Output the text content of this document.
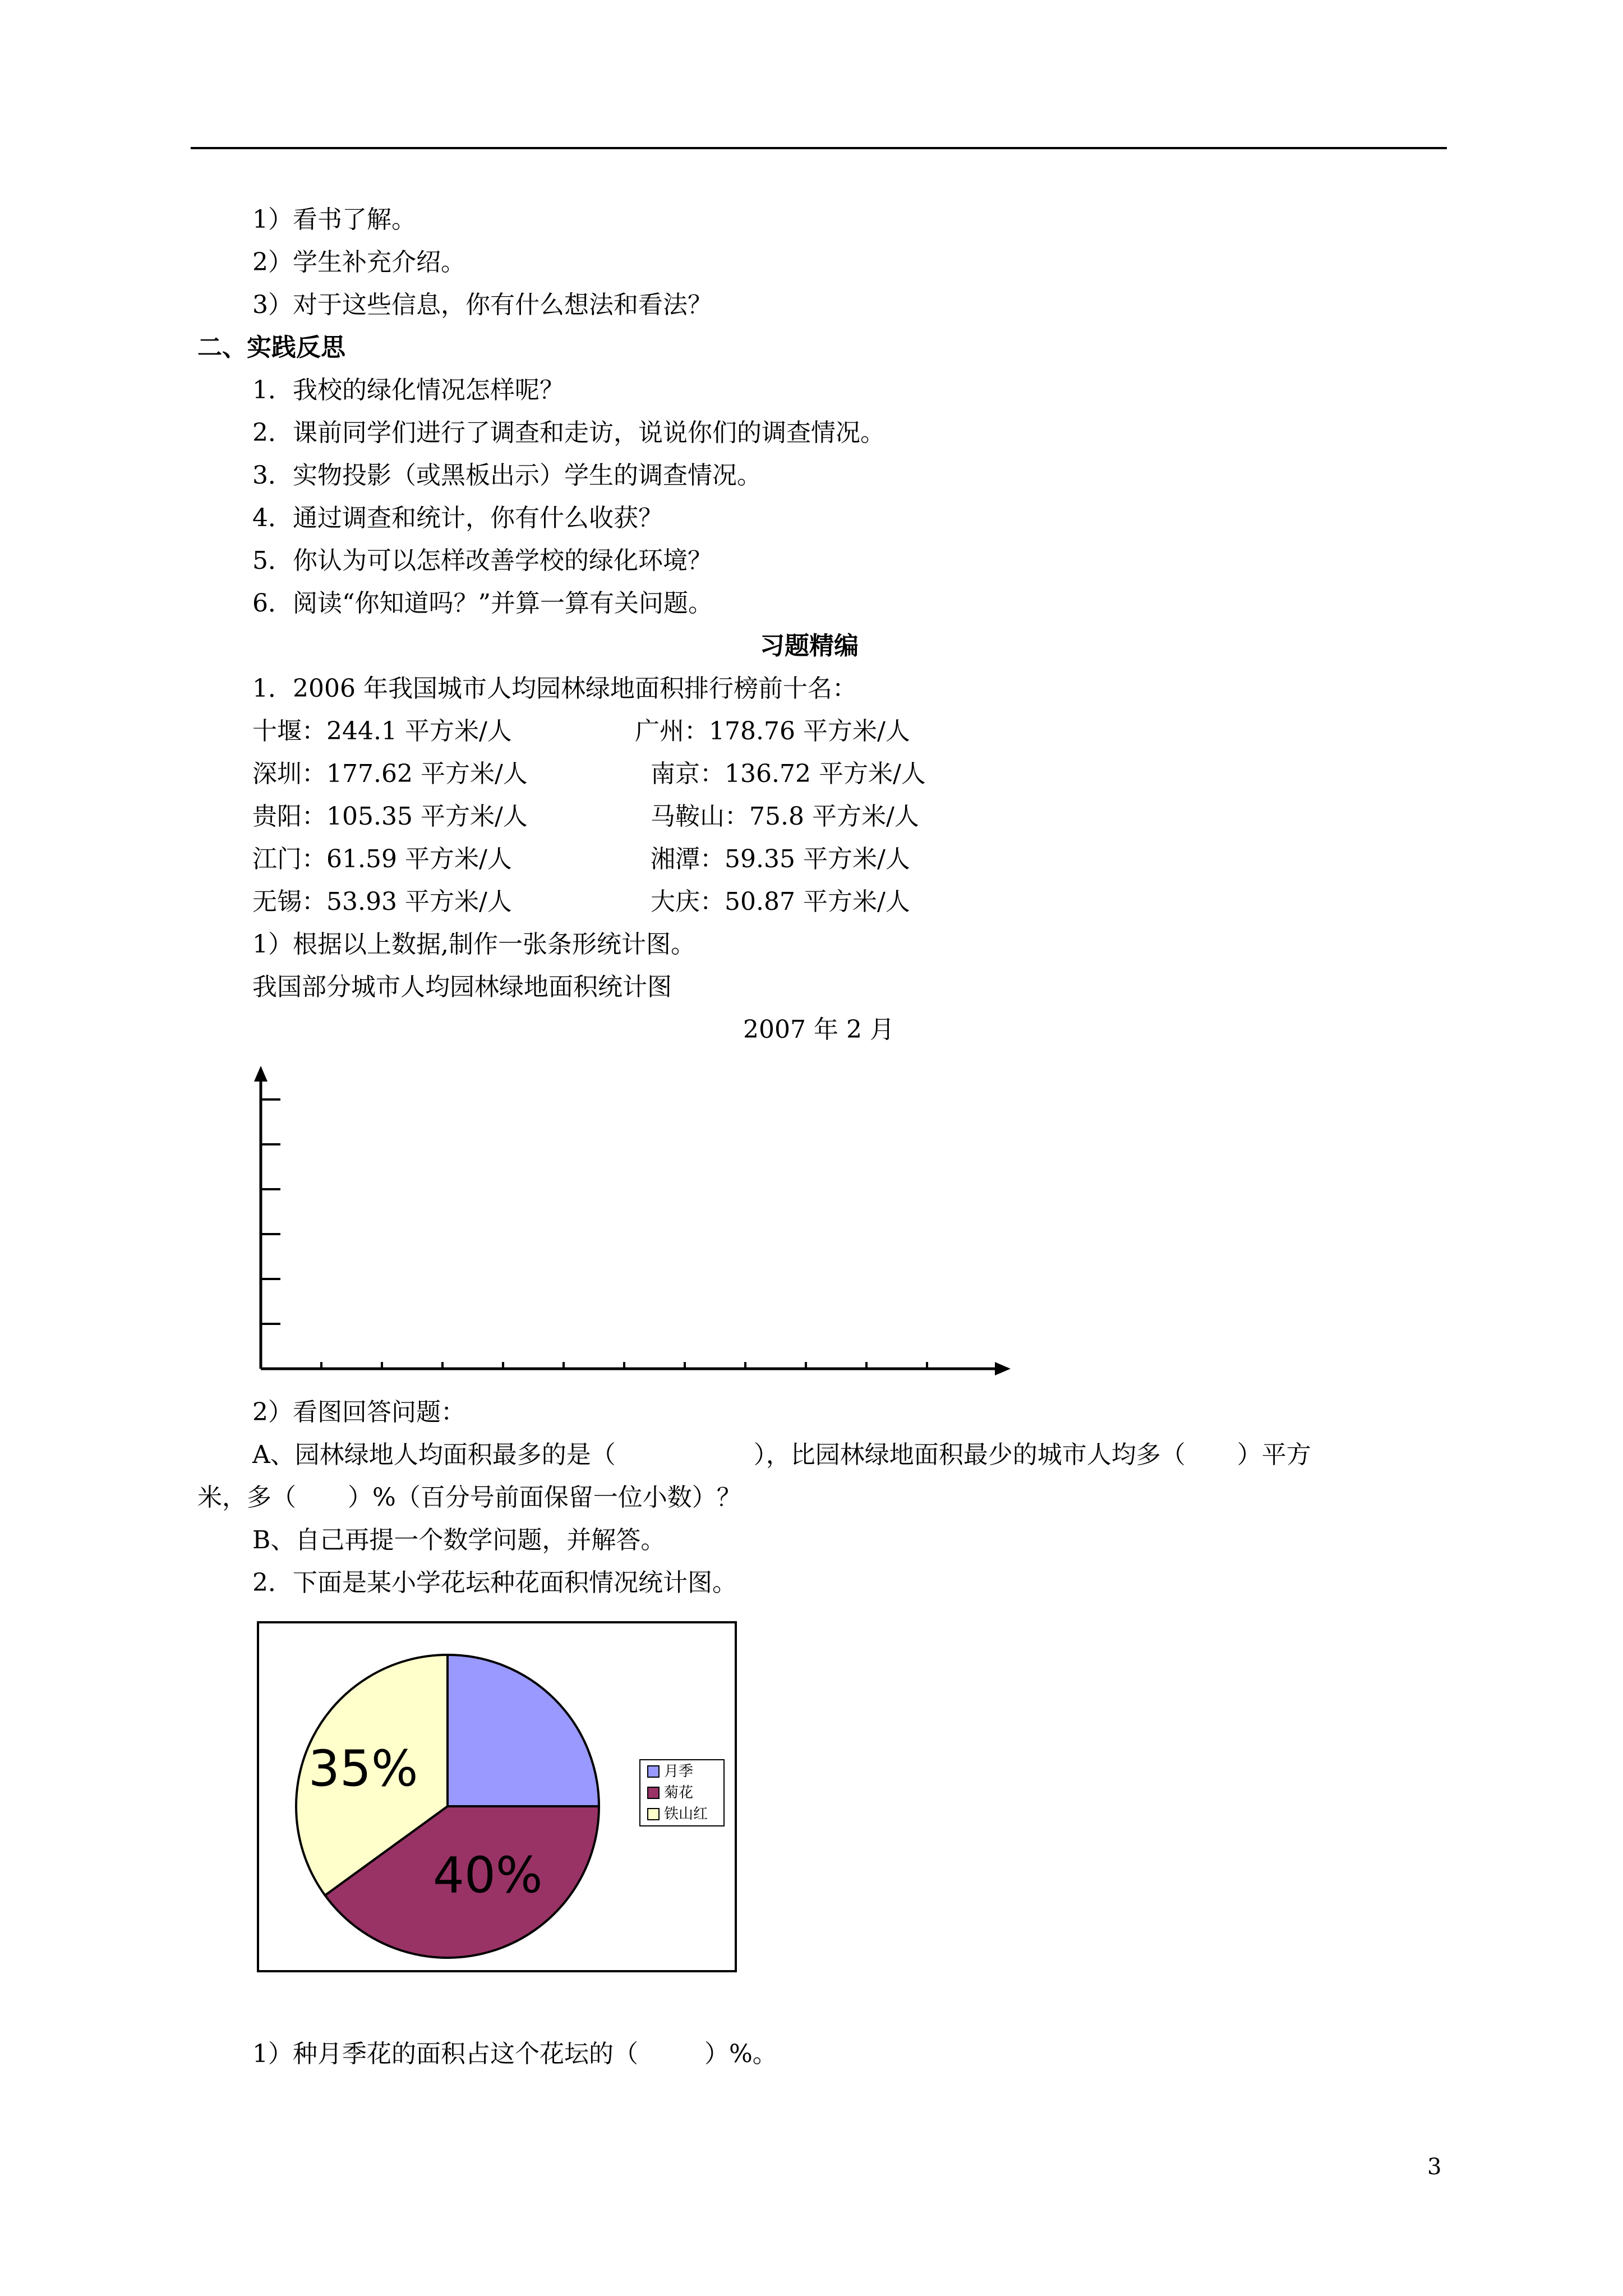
1）看书了解。
2）学生补充介绍。
3）对于这些信息，你有什么想法和看法？
二、实践反思
1．我校的绿化情况怎样呢？
2．课前同学们进行了调查和走访，说说你们的调查情况。
3．实物投影（或黑板出示）学生的调查情况。
4．通过调查和统计，你有什么收获？
5．你认为可以怎样改善学校的绿化环境？
6．阅读“你知道吗？”并算一算有关问题。
习题精编
1．2006 年我国城市人均园林绿地面积排行榜前十名：
十堰：244.1 平方米/人	广州：178.76 平方米/人
深圳：177.62 平方米/人	南京：136.72 平方米/人
贵阳：105.35 平方米/人	马鞍山：75.8 平方米/人
江门：61.59 平方米/人	湘潭：59.35 平方米/人
无锡：53.93 平方米/人	大庆：50.87 平方米/人
1）根据以上数据,制作一张条形统计图。
我国部分城市人均园林绿地面积统计图
2007 年 2 月
2）看图回答问题：
A、园林绿地人均面积最多的是（	），比园林绿地面积最少的城市人均多（ ）平方
米，多（ ）%（百分号前面保留一位小数）？
B、自己再提一个数学问题，并解答。
2．下面是某小学花坛种花面积情况统计图。
40%
35%	月季
菊花
铁山红
1）种月季花的面积占这个花坛的（	）%。
3
